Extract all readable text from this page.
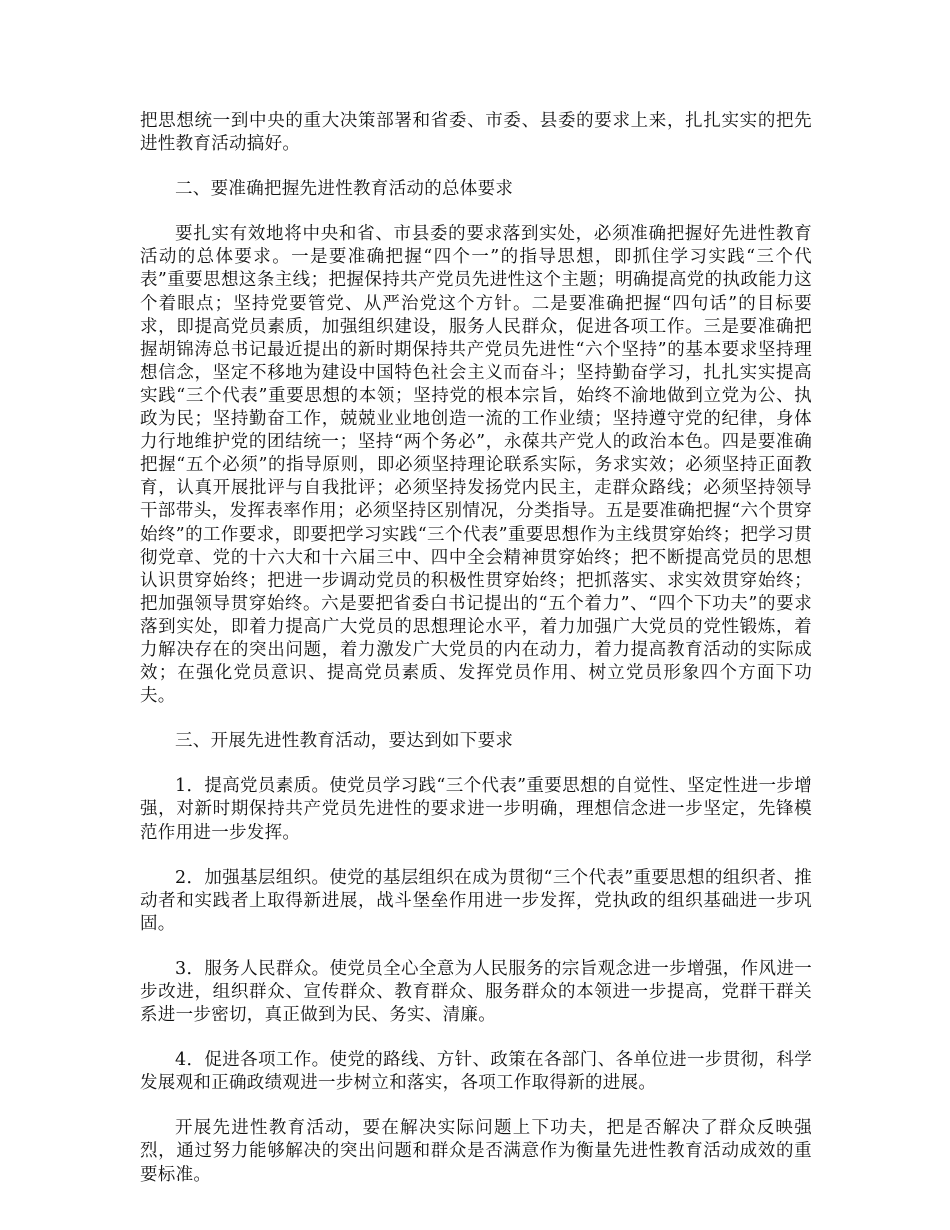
把思想统一到中央的重大决策部署和省委、市委、县委的要求上来，扎扎实实的把先进性教育活动搞好。

二、要准确把握先进性教育活动的总体要求

要扎实有效地将中央和省、市县委的要求落到实处，必须准确把握好先进性教育活动的总体要求。一是要准确把握“四个一”的指导思想，即抓住学习实践“三个代表”重要思想这条主线；把握保持共产党员先进性这个主题；明确提高党的执政能力这个着眼点；坚持党要管党、从严治党这个方针。二是要准确把握“四句话”的目标要求，即提高党员素质，加强组织建设，服务人民群众，促进各项工作。三是要准确把握胡锦涛总书记最近提出的新时期保持共产党员先进性“六个坚持”的基本要求坚持理想信念，坚定不移地为建设中国特色社会主义而奋斗；坚持勤奋学习，扎扎实实提高实践“三个代表”重要思想的本领；坚持党的根本宗旨，始终不渝地做到立党为公、执政为民；坚持勤奋工作，兢兢业业地创造一流的工作业绩；坚持遵守党的纪律，身体力行地维护党的团结统一；坚持“两个务必”，永葆共产党人的政治本色。四是要准确把握“五个必须”的指导原则，即必须坚持理论联系实际，务求实效；必须坚持正面教育，认真开展批评与自我批评；必须坚持发扬党内民主，走群众路线；必须坚持领导干部带头，发挥表率作用；必须坚持区别情况，分类指导。五是要准确把握“六个贯穿始终”的工作要求，即要把学习实践“三个代表”重要思想作为主线贯穿始终；把学习贯彻党章、党的十六大和十六届三中、四中全会精神贯穿始终；把不断提高党员的思想认识贯穿始终；把进一步调动党员的积极性贯穿始终；把抓落实、求实效贯穿始终；把加强领导贯穿始终。六是要把省委白书记提出的“五个着力”、“四个下功夫”的要求落到实处，即着力提高广大党员的思想理论水平，着力加强广大党员的党性锻炼，着力解决存在的突出问题，着力激发广大党员的内在动力，着力提高教育活动的实际成效；在强化党员意识、提高党员素质、发挥党员作用、树立党员形象四个方面下功夫。

三、开展先进性教育活动，要达到如下要求

1．提高党员素质。使党员学习践“三个代表”重要思想的自觉性、坚定性进一步增强，对新时期保持共产党员先进性的要求进一步明确，理想信念进一步坚定，先锋模范作用进一步发挥。

2．加强基层组织。使党的基层组织在成为贯彻“三个代表”重要思想的组织者、推动者和实践者上取得新进展，战斗堡垒作用进一步发挥，党执政的组织基础进一步巩固。

3．服务人民群众。使党员全心全意为人民服务的宗旨观念进一步增强，作风进一步改进，组织群众、宣传群众、教育群众、服务群众的本领进一步提高，党群干群关系进一步密切，真正做到为民、务实、清廉。

4．促进各项工作。使党的路线、方针、政策在各部门、各单位进一步贯彻，科学发展观和正确政绩观进一步树立和落实，各项工作取得新的进展。

开展先进性教育活动，要在解决实际问题上下功夫，把是否解决了群众反映强烈，通过努力能够解决的突出问题和群众是否满意作为衡量先进性教育活动成效的重要标准。
